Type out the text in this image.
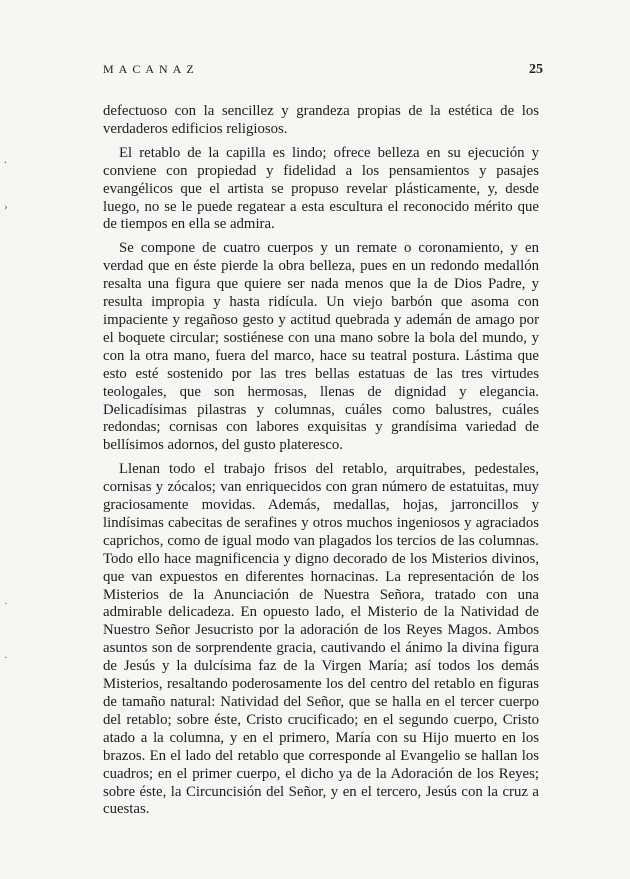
MACANAZ	25
.
›
·
·

defectuoso con la sencillez y grandeza propias de la estética de los verdaderos edificios religiosos.

El retablo de la capilla es lindo; ofrece belleza en su ejecución y conviene con propiedad y fidelidad a los pensamientos y pasajes evangélicos que el artista se propuso revelar plásticamente, y, desde luego, no se le puede regatear a esta escultura el reconocido mérito que de tiempos en ella se admira.

Se compone de cuatro cuerpos y un remate o coronamiento, y en verdad que en éste pierde la obra belleza, pues en un redondo medallón resalta una figura que quiere ser nada menos que la de Dios Padre, y resulta impropia y hasta ridícula. Un viejo barbón que asoma con impaciente y regañoso gesto y actitud quebrada y ademán de amago por el boquete circular; sostiénese con una mano sobre la bola del mundo, y con la otra mano, fuera del marco, hace su teatral postura. Lástima que esto esté sostenido por las tres bellas estatuas de las tres virtudes teologales, que son hermosas, llenas de dignidad y elegancia. Delicadísimas pilastras y columnas, cuáles como balustres, cuáles redondas; cornisas con labores exquisitas y grandísima variedad de bellísimos adornos, del gusto plateresco.

Llenan todo el trabajo frisos del retablo, arquitrabes, pedestales, cornisas y zócalos; van enriquecidos con gran número de estatuitas, muy graciosamente movidas. Además, medallas, hojas, jarroncillos y lindísimas cabecitas de serafines y otros muchos ingeniosos y agraciados caprichos, como de igual modo van plagados los tercios de las columnas. Todo ello hace magnificencia y digno decorado de los Misterios divinos, que van expuestos en diferentes hornacinas. La representación de los Misterios de la Anunciación de Nuestra Señora, tratado con una admirable delicadeza. En opuesto lado, el Misterio de la Natividad de Nuestro Señor Jesucristo por la adoración de los Reyes Magos. Ambos asuntos son de sorprendente gracia, cautivando el ánimo la divina figura de Jesús y la dulcísima faz de la Virgen María; así todos los demás Misterios, resaltando poderosamente los del centro del retablo en figuras de tamaño natural: Natividad del Señor, que se halla en el tercer cuerpo del retablo; sobre éste, Cristo crucificado; en el segundo cuerpo, Cristo atado a la columna, y en el primero, María con su Hijo muerto en los brazos. En el lado del retablo que corresponde al Evangelio se hallan los cuadros; en el primer cuerpo, el dicho ya de la Adoración de los Reyes; sobre éste, la Circuncisión del Señor, y en el tercero, Jesús con la cruz a cuestas.
